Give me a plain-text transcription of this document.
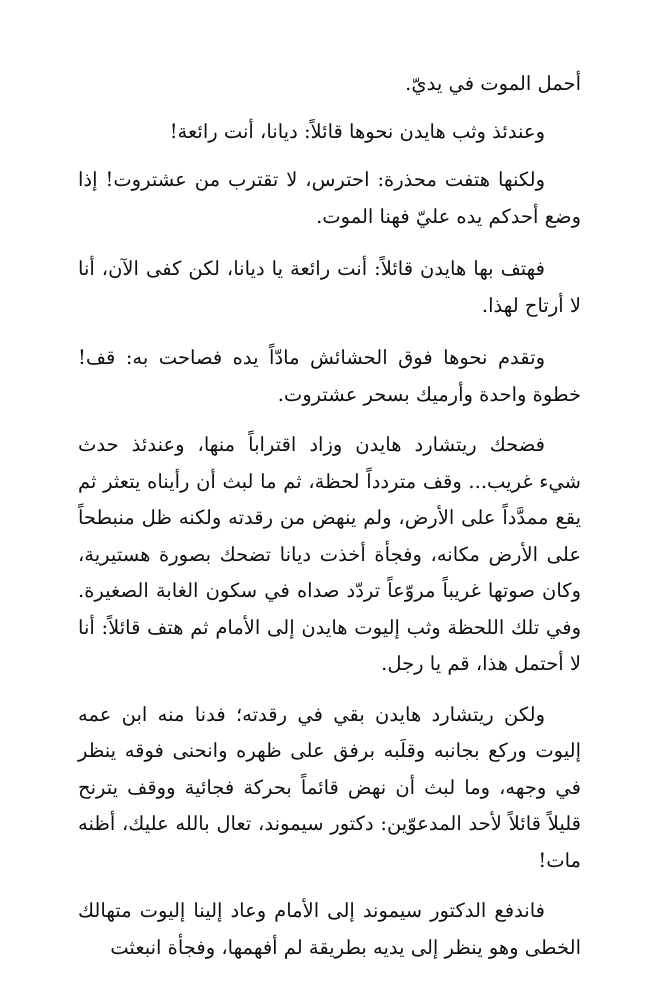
أحمل الموت في يديّ.

وعندئذ وثب هايدن نحوها قائلاً: ديانا، أنت رائعة!

ولكنها هتفت محذرة: احترس، لا تقترب من عشتروت! إذا وضع أحدكم يده عليّ فهنا الموت.

فهتف بها هايدن قائلاً: أنت رائعة يا ديانا، لكن كفى الآن، أنا لا أرتاح لهذا.

وتقدم نحوها فوق الحشائش مادّاً يده فصاحت به: قف! خطوة واحدة وأرميك بسحر عشتروت.

فضحك ريتشارد هايدن وزاد اقتراباً منها، وعندئذ حدث شيء غريب... وقف متردداً لحظة، ثم ما لبث أن رأيناه يتعثر ثم يقع ممدَّداً على الأرض، ولم ينهض من رقدته ولكنه ظل منبطحاً على الأرض مكانه، وفجأة أخذت ديانا تضحك بصورة هستيرية، وكان صوتها غريباً مروّعاً تردّد صداه في سكون الغابة الصغيرة. وفي تلك اللحظة وثب إليوت هايدن إلى الأمام ثم هتف قائلاً: أنا لا أحتمل هذا، قم يا رجل.

ولكن ريتشارد هايدن بقي في رقدته؛ فدنا منه ابن عمه إليوت وركع بجانبه وقلَبه برفق على ظهره وانحنى فوقه ينظر في وجهه، وما لبث أن نهض قائماً بحركة فجائية ووقف يترنح قليلاً قائلاً لأحد المدعوّين: دكتور سيموند، تعال بالله عليك، أظنه مات!

فاندفع الدكتور سيموند إلى الأمام وعاد إلينا إليوت متهالك الخطى وهو ينظر إلى يديه بطريقة لم أفهمها، وفجأة انبعثت
